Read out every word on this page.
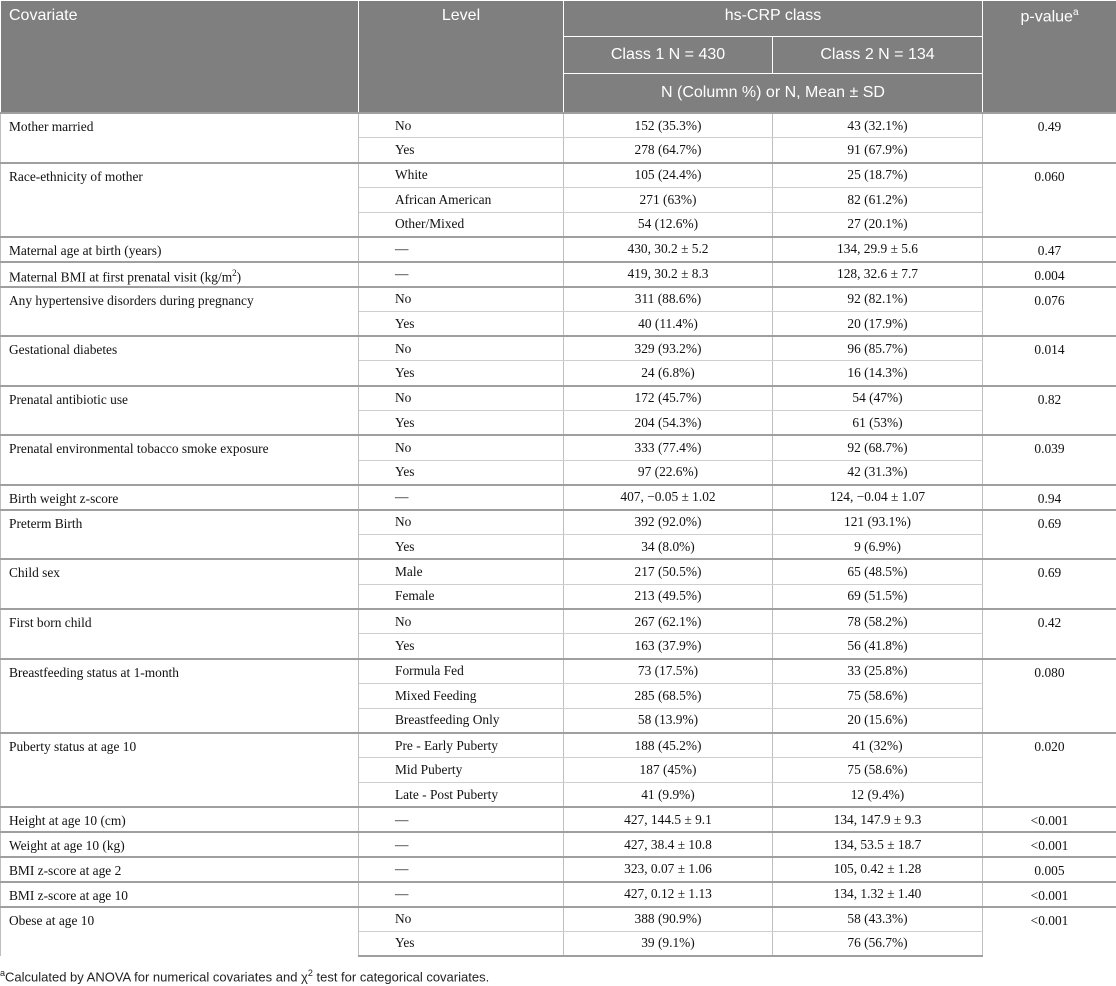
Covariate	Level	hs-CRP class		p-value$^a$
		Class 1 N = 430	Class 2 N = 134	
		N (Column %) or N, Mean ± SD		
Mother married	No	152 (35.3%)	43 (32.1%)	0.49
	Yes	278 (64.7%)	91 (67.9%)	
Race-ethnicity of mother	White	105 (24.4%)	25 (18.7%)	0.060
	African American	271 (63%)	82 (61.2%)	
	Other/Mixed	54 (12.6%)	27 (20.1%)	
Maternal age at birth (years)	—	430, 30.2 ± 5.2	134, 29.9 ± 5.6	0.47
Maternal BMI at first prenatal visit $(kg/m^2)$	—	419, 30.2 ± 8.3	128, 32.6 ± 7.7	0.004
Any hypertensive disorders during pregnancy	No	311 (88.6%)	92 (82.1%)	0.076
	Yes	40 (11.4%)	20 (17.9%)	
Gestational diabetes	No	329 (93.2%)	96 (85.7%)	0.014
	Yes	24 (6.8%)	16 (14.3%)	
Prenatal antibiotic use	No	172 (45.7%)	54 (47%)	0.82
	Yes	204 (54.3%)	61 (53%)	
Prenatal environmental tobacco smoke exposure	No	333 (77.4%)	92 (68.7%)	0.039
	Yes	97 (22.6%)	42 (31.3%)	
Birth weight z-score	—	407, −0.05 ± 1.02	124, −0.04 ± 1.07	0.94
Preterm Birth	No	392 (92.0%)	121 (93.1%)	0.69
	Yes	34 (8.0%)	9 (6.9%)	
Child sex	Male	217 (50.5%)	65 (48.5%)	0.69
	Female	213 (49.5%)	69 (51.5%)	
First born child	No	267 (62.1%)	78 (58.2%)	0.42
	Yes	163 (37.9%)	56 (41.8%)	
Breastfeeding status at 1-month	Formula Fed	73 (17.5%)	33 (25.8%)	0.080
	Mixed Feeding	285 (68.5%)	75 (58.6%)	
	Breastfeeding Only	58 (13.9%)	20 (15.6%)	
Puberty status at age 10	Pre - Early Puberty	188 (45.2%)	41 (32%)	0.020
	Mid Puberty	187 (45%)	75 (58.6%)	
	Late - Post Puberty	41 (9.9%)	12 (9.4%)	
Height at age 10 (cm)	—	427, 144.5 ± 9.1	134, 147.9 ± 9.3	<0.001
Weight at age 10 (kg)	—	427, 38.4 ± 10.8	134, 53.5 ± 18.7	<0.001
BMI z-score at age 2	—	323, 0.07 ± 1.06	105, 0.42 ± 1.28	0.005
BMI z-score at age 10	—	427, 0.12 ± 1.13	134, 1.32 ± 1.40	<0.001
Obese at age 10	No	388 (90.9%)	58 (43.3%)	<0.001
	Yes	39 (9.1%)	76 (56.7%)	
$^a$Calculated by ANOVA for numerical covariates and $\chi^2$ test for categorical covariates.
